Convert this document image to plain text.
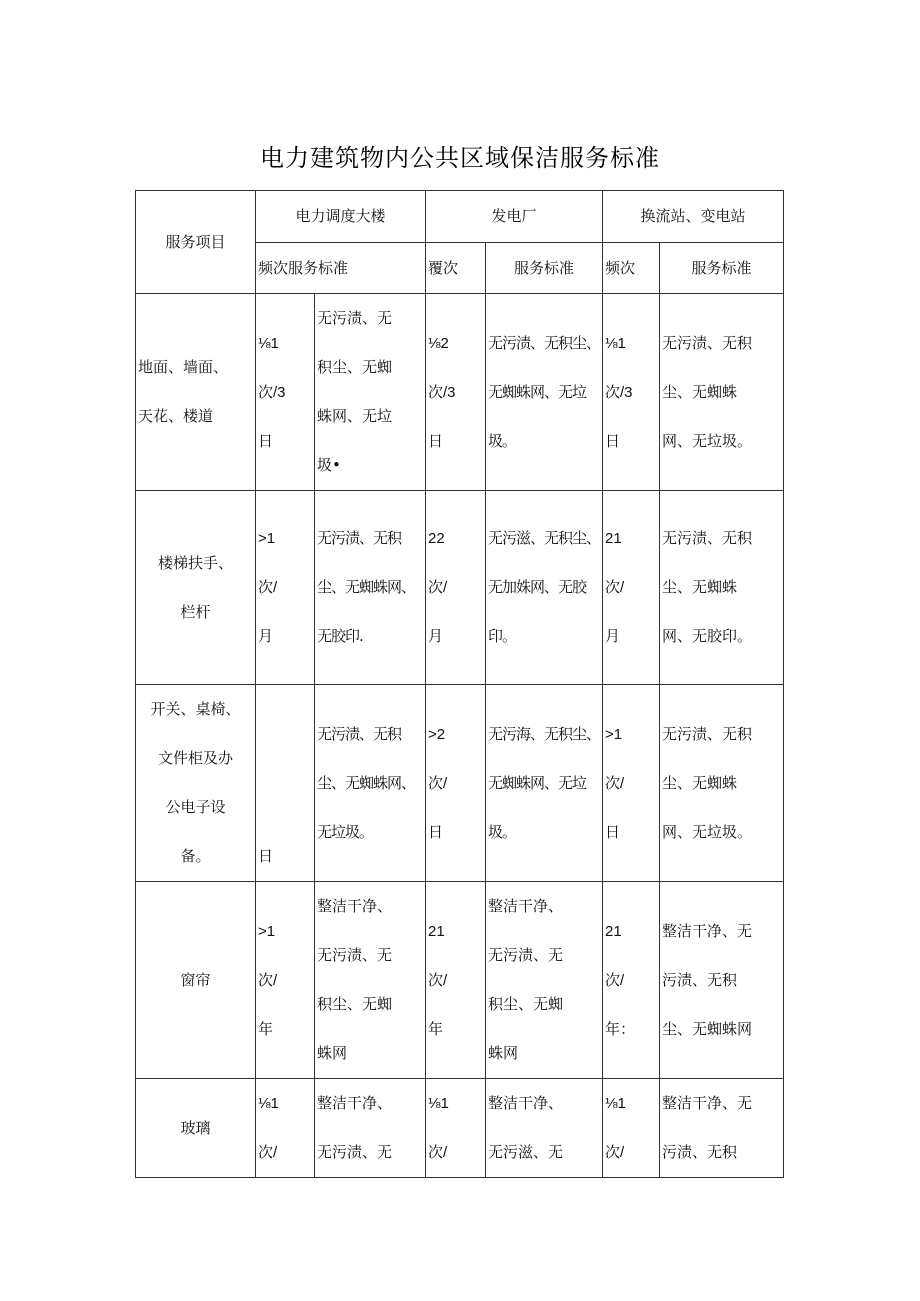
电力建筑物内公共区域保洁服务标准
服务项目	电力调度大楼		发电厂		换流站、变电站	
	频次服务标准		覆次	服务标准	频次	服务标准
地面、墙面、
天花、楼道	⅛1
次/3
日	无污渍、无
积尘、无蜘
蛛网、无垃
圾•	⅛2
次/3
日	无污渍、无积尘、
无蜘蛛网、无垃
圾。	⅛1
次/3
日	无污渍、无积
尘、无蜘蛛
网、无垃圾。
楼梯扶手、
栏杆	>1
次/
月	无污渍、无积
尘、无蜘蛛网、
无胶印.	22
次/
月	无污滋、无积尘、
无加姝网、无胶
印。	21
次/
月	无污渍、无积
尘、无蜘蛛
网、无胶印。
开关、桌椅、
文件柜及办
公电子设
备。	日	无污渍、无积
尘、无蜘蛛网、
无垃圾。	>2
次/
日	无污海、无积尘、
无蜘蛛网、无垃
圾。	>1
次/
日	无污渍、无积
尘、无蜘蛛
网、无垃圾。
窗帘	>1
次/
年	整洁干净、
无污渍、无
积尘、无蜘
蛛网	21
次/
年	整洁干净、
无污渍、无
积尘、无蜘
蛛网	21
次/
年：	整洁干净、无
污渍、无积
尘、无蜘蛛网
玻璃	⅛1
次/	整洁干净、
无污渍、无	⅛1
次/	整洁干净、
无污滋、无	⅛1
次/	整洁干净、无
污渍、无积
